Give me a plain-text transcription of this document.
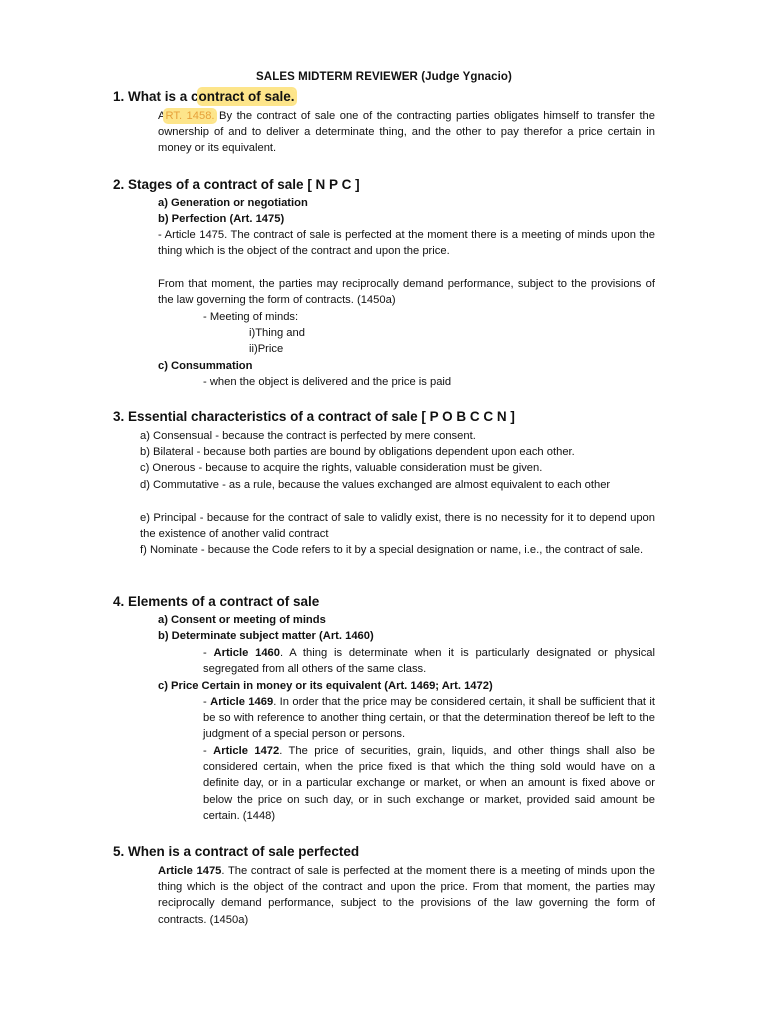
SALES MIDTERM REVIEWER (Judge Ygnacio)
1. What is a contract of sale.
ART. 1458. By the contract of sale one of the contracting parties obligates himself to transfer the ownership of and to deliver a determinate thing, and the other to pay therefor a price certain in money or its equivalent.
2. Stages of a contract of sale [ N P C ]
a) Generation or negotiation
b) Perfection (Art. 1475)
- Article 1475. The contract of sale is perfected at the moment there is a meeting of minds upon the thing which is the object of the contract and upon the price.
From that moment, the parties may reciprocally demand performance, subject to the provisions of the law governing the form of contracts. (1450a)
- Meeting of minds:
i)Thing and
ii)Price
c) Consummation
- when the object is delivered and the price is paid
3. Essential characteristics of a contract of sale [ P O B C C N ]
a) Consensual - because the contract is perfected by mere consent.
b) Bilateral - because both parties are bound by obligations dependent upon each other.
c) Onerous - because to acquire the rights, valuable consideration must be given.
d) Commutative - as a rule, because the values exchanged are almost equivalent to each other
e) Principal - because for the contract of sale to validly exist, there is no necessity for it to depend upon the existence of another valid contract
f) Nominate - because the Code refers to it by a special designation or name, i.e., the contract of sale.
4. Elements of a contract of sale
a) Consent or meeting of minds
b) Determinate subject matter (Art. 1460)
- Article 1460. A thing is determinate when it is particularly designated or physical segregated from all others of the same class.
c) Price Certain in money or its equivalent (Art. 1469; Art. 1472)
- Article 1469. In order that the price may be considered certain, it shall be sufficient that it be so with reference to another thing certain, or that the determination thereof be left to the judgment of a special person or persons.
- Article 1472. The price of securities, grain, liquids, and other things shall also be considered certain, when the price fixed is that which the thing sold would have on a definite day, or in a particular exchange or market, or when an amount is fixed above or below the price on such day, or in such exchange or market, provided said amount be certain. (1448)
5. When is a contract of sale perfected
Article 1475. The contract of sale is perfected at the moment there is a meeting of minds upon the thing which is the object of the contract and upon the price. From that moment, the parties may reciprocally demand performance, subject to the provisions of the law governing the form of contracts. (1450a)
